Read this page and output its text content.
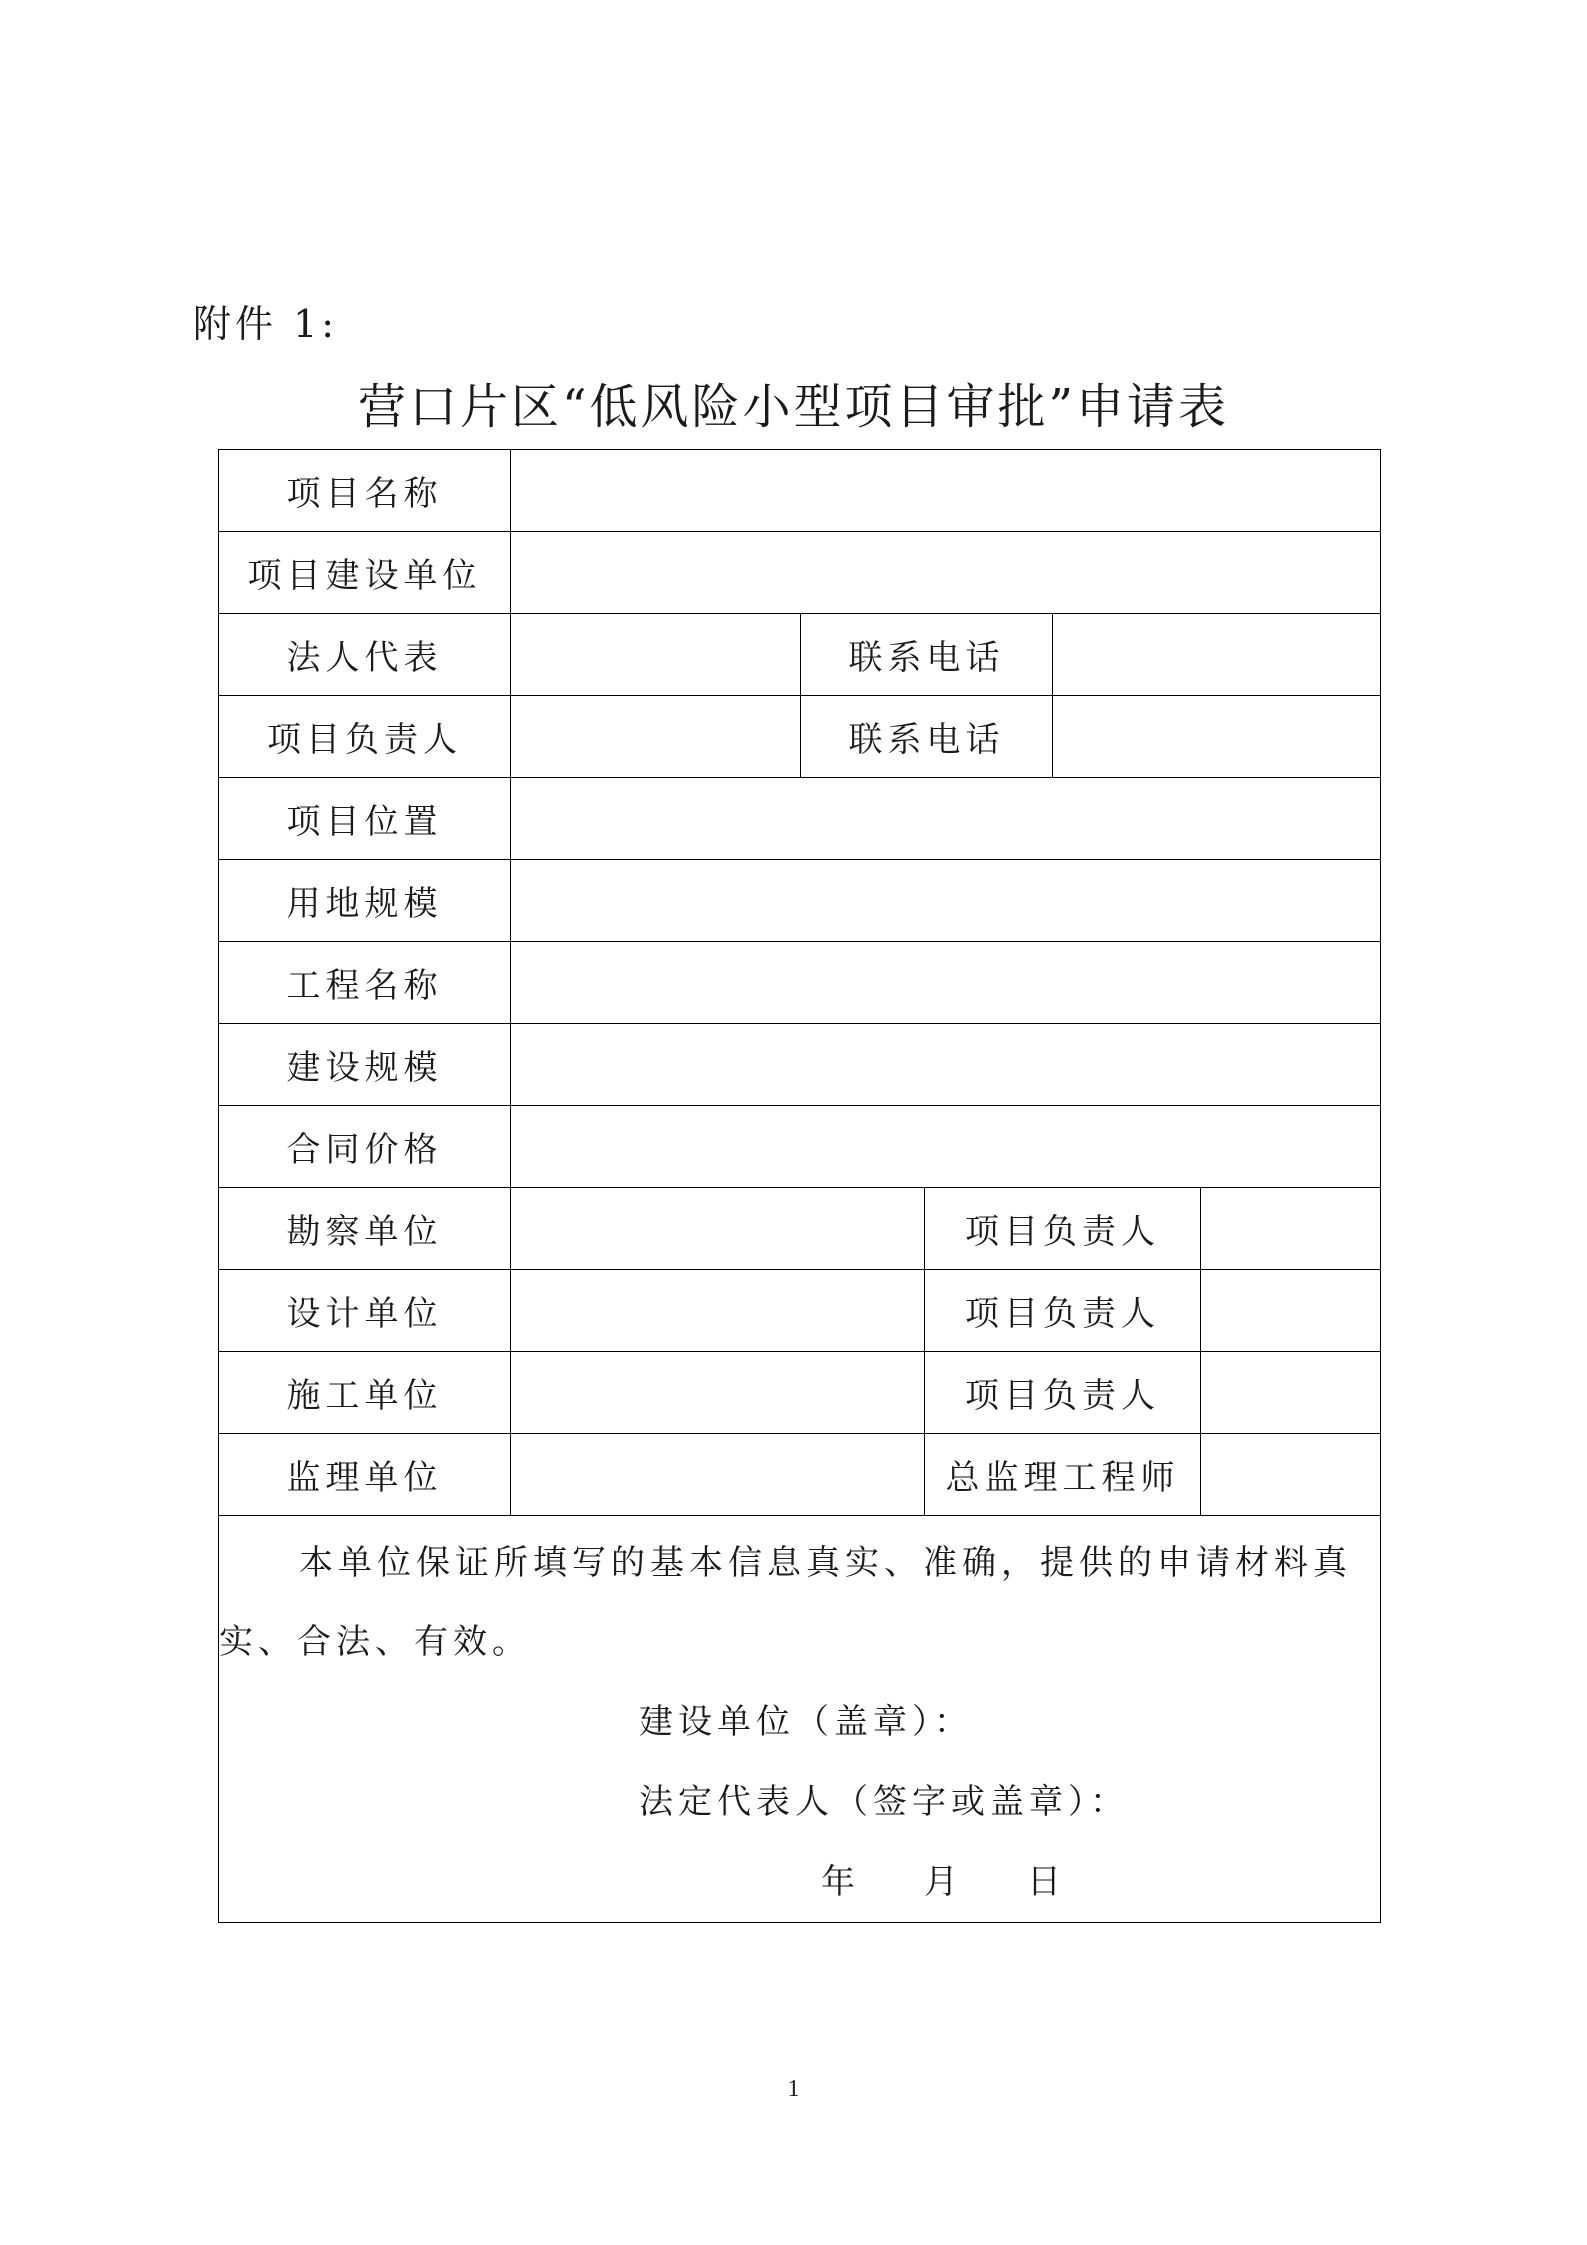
附件 1:
营口片区“低风险小型项目审批”申请表
项目名称					
项目建设单位					
法人代表		联系电话			
项目负责人		联系电话			
项目位置					
用地规模					
工程名称					
建设规模					
合同价格					
勘察单位			项目负责人		
设计单位			项目负责人		
施工单位			项目负责人		
监理单位			总监理工程师		

本单位保证所填写的基本信息真实、准确，提供的申请材料真实、合法、有效。
建设单位（盖章）：
法定代表人（签字或盖章）：
年 月 日					
1
